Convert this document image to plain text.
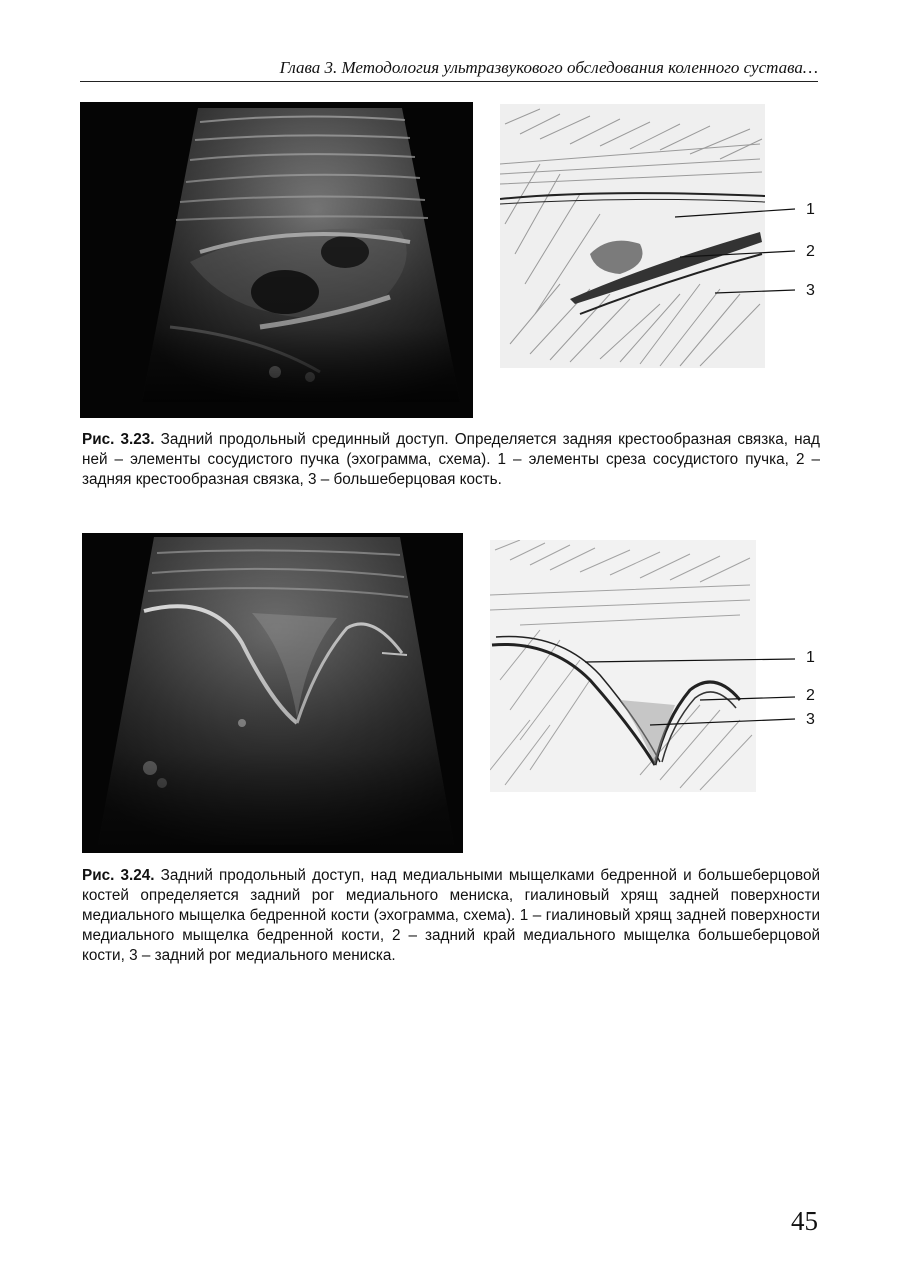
Глава 3. Методология ультразвукового обследования коленного сустава…
1
2
3
Рис. 3.23. Задний продольный срединный доступ. Определяется задняя крестообразная связка, над ней – элементы сосудистого пучка (эхограмма, схема). 1 – элементы среза сосудистого пучка, 2 – задняя крестообразная связка, 3 – большеберцовая кость.
1
2
3
Рис. 3.24. Задний продольный доступ, над медиальными мыщелками бедренной и большеберцовой костей определяется задний рог медиального мениска, гиалиновый хрящ задней поверхности медиального мыщелка бедренной кости (эхограмма, схема). 1 – гиалиновый хрящ задней поверхности медиального мыщелка бедренной кости, 2 – задний край медиального мыщелка большеберцовой кости, 3 – задний рог медиального мениска.
45
